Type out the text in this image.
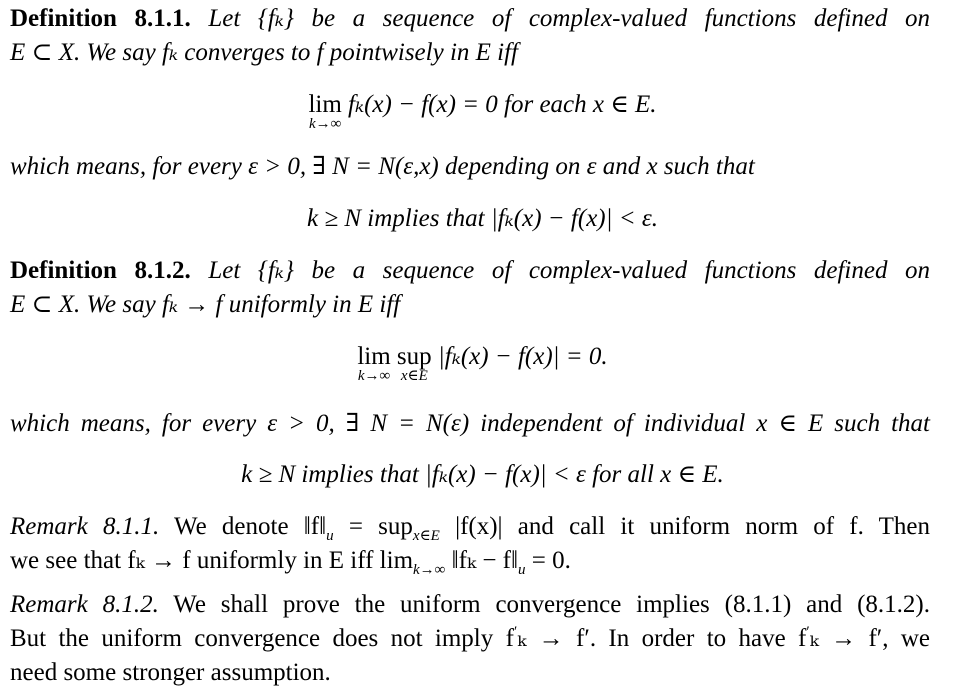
Definition 8.1.1. Let {fₖ} be a sequence of complex-valued functions defined on
E ⊂ X. We say fₖ converges to f pointwisely in E iff
lim
k→∞
fₖ(x) − f(x) = 0 for each x ∈ E.
which means, for every ε > 0, ∃ N = N(ε,x) depending on ε and x such that
k ≥ N implies that |fₖ(x) − f(x)| < ε.
Definition 8.1.2. Let {fₖ} be a sequence of complex-valued functions defined on
E ⊂ X. We say fₖ → f uniformly in E iff
lim
k→∞
sup
x∈E
|fₖ(x) − f(x)| = 0.
which means, for every ε > 0, ∃ N = N(ε) independent of individual x ∈ E such that
k ≥ N implies that |fₖ(x) − f(x)| < ε for all x ∈ E.
Remark 8.1.1. We denote $‖f‖_u = sup_{x\in E}$ |f(x)| and call it uniform norm of f. Then
we see that fₖ → f uniformly in E iff $\lim_{k\to\infty}$ ‖fₖ − $f‖_u = 0$.
Remark 8.1.2. We shall prove the uniform convergence implies (8.1.1) and (8.1.2).
But the uniform convergence does not imply f′ₖ → f′. In order to have f′ₖ → f′, we
need some stronger assumption.
